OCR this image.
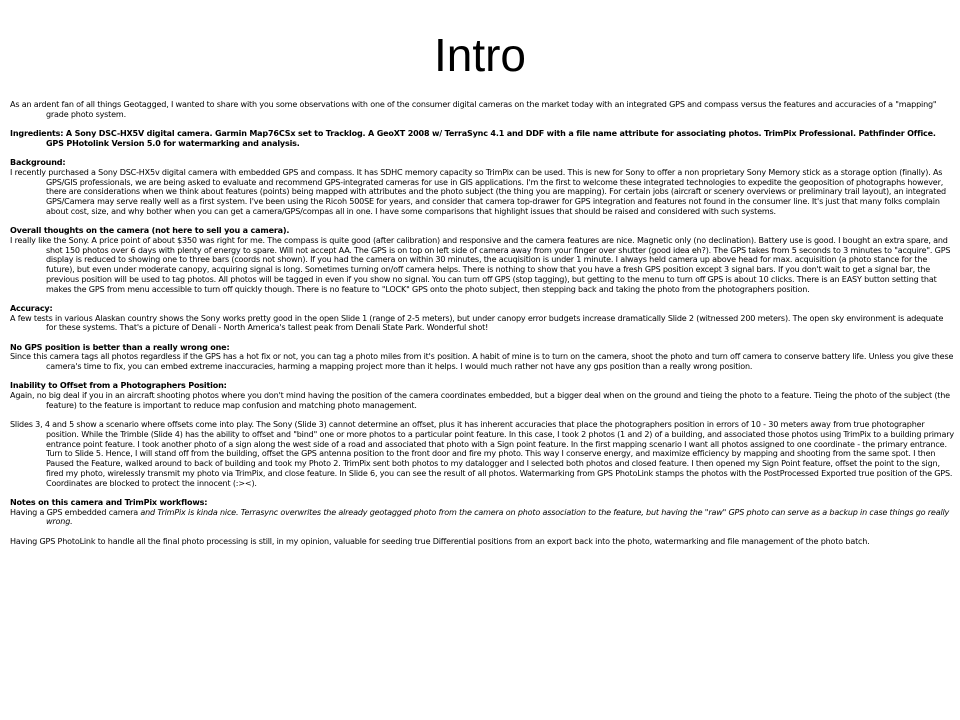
Intro

As an ardent fan of all things Geotagged, I wanted to share with you some observations with one of the consumer digital cameras on the market today with an integrated GPS and compass versus the features and accuracies of a "mapping" grade photo system.

Ingredients: A Sony DSC-HX5V digital camera. Garmin Map76CSx set to Tracklog. A GeoXT 2008 w/ TerraSync 4.1 and DDF with a file name attribute for associating photos. TrimPix Professional. Pathfinder Office. GPS PHotolink Version 5.0 for watermarking and analysis.

Background:

I recently purchased a Sony DSC-HX5v digital camera with embedded GPS and compass. It has SDHC memory capacity so TrimPix can be used. This is new for Sony to offer a non proprietary Sony Memory stick as a storage option (finally). As GPS/GIS professionals, we are being asked to evaluate and recommend GPS-integrated cameras for use in GIS applications. I'm the first to welcome these integrated technologies to expedite the geoposition of photographs however, there are considerations when we think about features (points) being mapped with attributes and the photo subject (the thing you are mapping). For certain jobs (aircraft or scenery overviews or preliminary trail layout), an integrated GPS/Camera may serve really well as a first system. I've been using the Ricoh 500SE for years, and consider that camera top-drawer for GPS integration and features not found in the consumer line. It's just that many folks complain about cost, size, and why bother when you can get a camera/GPS/compas all in one. I have some comparisons that highlight issues that should be raised and considered with such systems.

Overall thoughts on the camera (not here to sell you a camera).

I really like the Sony. A price point of about $350 was right for me. The compass is quite good (after calibration) and responsive and the camera features are nice. Magnetic only (no declination). Battery use is good. I bought an extra spare, and shot 150 photos over 6 days with plenty of energy to spare. Will not accept AA. The GPS is on top on left side of camera away from your finger over shutter (good idea eh?). The GPS takes from 5 seconds to 3 minutes to "acquire". GPS display is reduced to showing one to three bars (coords not shown). If you had the camera on within 30 minutes, the acuqisition is under 1 minute. I always held camera up above head for max. acquisition (a photo stance for the future), but even under moderate canopy, acquiring signal is long. Sometimes turning on/off camera helps. There is nothing to show that you have a fresh GPS position except 3 signal bars. If you don't wait to get a signal bar, the previous position will be used to tag photos. All photos will be tagged in even if you show no signal. You can turn off GPS (stop tagging), but getting to the menu to turn off GPS is about 10 clicks. There is an EASY button setting that makes the GPS from menu accessible to turn off quickly though. There is no feature to "LOCK" GPS onto the photo subject, then stepping back and taking the photo from the photographers position.

Accuracy:

A few tests in various Alaskan country shows the Sony works pretty good in the open Slide 1 (range of 2-5 meters), but under canopy error budgets increase dramatically Slide 2 (witnessed 200 meters). The open sky environment is adequate for these systems. That's a picture of Denali - North America's tallest peak from Denali State Park. Wonderful shot!

No GPS position is better than a really wrong one:

Since this camera tags all photos regardless if the GPS has a hot fix or not, you can tag a photo miles from it's position. A habit of mine is to turn on the camera, shoot the photo and turn off camera to conserve battery life. Unless you give these camera's time to fix, you can embed extreme inaccuracies, harming a mapping project more than it helps. I would much rather not have any gps position than a really wrong position.

Inability to Offset from a Photographers Position:

Again, no big deal if you in an aircraft shooting photos where you don't mind having the position of the camera coordinates embedded, but a bigger deal when on the ground and tieing the photo to a feature. Tieing the photo of the subject (the feature) to the feature is important to reduce map confusion and matching photo management.

Slides 3, 4 and 5 show a scenario where offsets come into play. The Sony (Slide 3) cannot determine an offset, plus it has inherent accuracies that place the photographers position in errors of 10 - 30 meters away from true photographer position. While the Trimble (Slide 4) has the ability to offset and "bind" one or more photos to a particular point feature. In this case, I took 2 photos (1 and 2) of a building, and associated those photos using TrimPix to a building primary entrance point feature. I took another photo of a sign along the west side of a road and associated that photo with a Sign point feature. In the first mapping scenario I want all photos assigned to one coordinate - the primary entrance. Turn to Slide 5. Hence, I will stand off from the building, offset the GPS antenna position to the front door and fire my photo. This way I conserve energy, and maximize efficiency by mapping and shooting from the same spot. I then Paused the Feature, walked around to back of building and took my Photo 2. TrimPix sent both photos to my datalogger and I selected both photos and closed feature. I then opened my Sign Point feature, offset the point to the sign, fired my photo, wirelessly transmit my photo via TrimPix, and close feature. In Slide 6, you can see the result of all photos. Watermarking from GPS PhotoLink stamps the photos with the PostProcessed Exported true position of the GPS. Coordinates are blocked to protect the innocent (:><).

Notes on this camera and TrimPix workflows:

Having a GPS embedded camera and TrimPix is kinda nice. Terrasync overwrites the already geotagged photo from the camera on photo association to the feature, but having the "raw" GPS photo can serve as a backup in case things go really wrong.

Having GPS PhotoLink to handle all the final photo processing is still, in my opinion, valuable for seeding true Differential positions from an export back into the photo, watermarking and file management of the photo batch.
